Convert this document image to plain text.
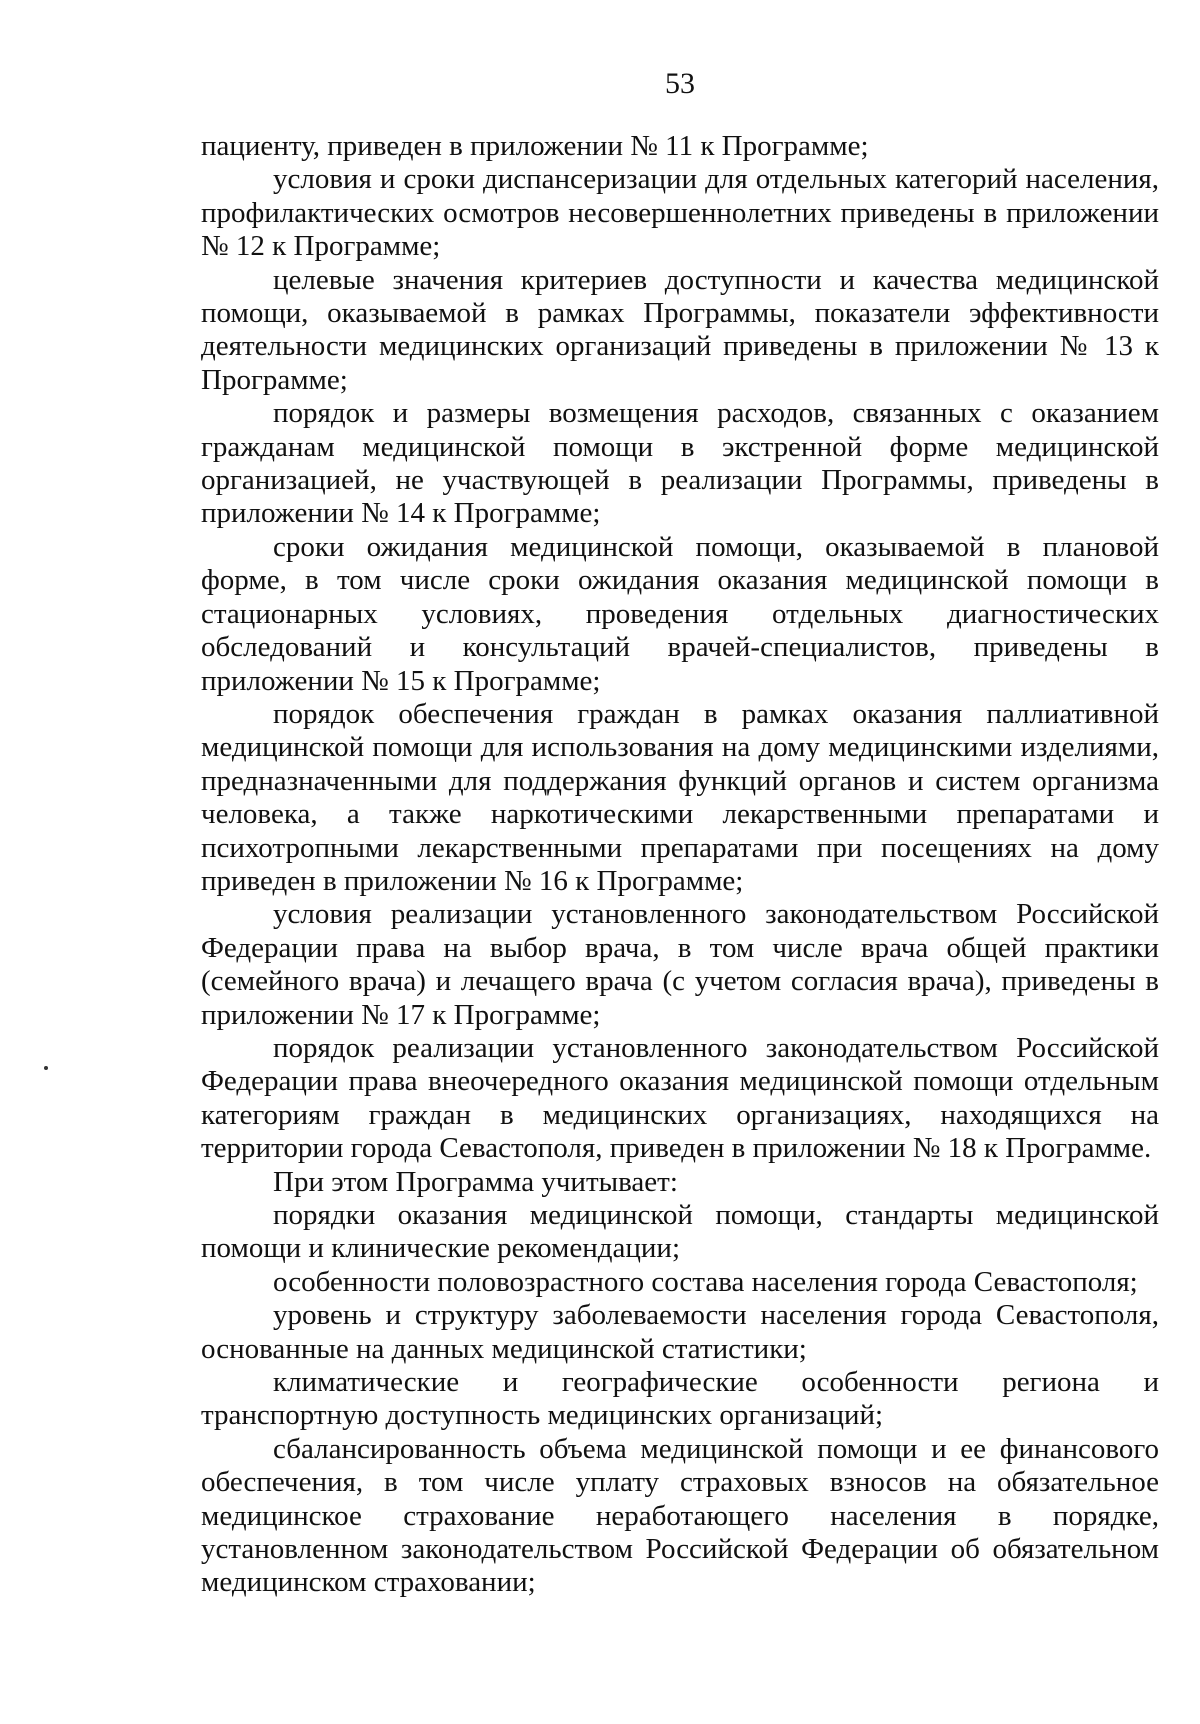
53

пациенту, приведен в приложении № 11 к Программе;

условия и сроки диспансеризации для отдельных категорий населения, профилактических осмотров несовершеннолетних приведены в приложении № 12 к Программе;

целевые значения критериев доступности и качества медицинской помощи, оказываемой в рамках Программы, показатели эффективности деятельности медицинских организаций приведены в приложении № 13 к Программе;

порядок и размеры возмещения расходов, связанных с оказанием гражданам медицинской помощи в экстренной форме медицинской организацией, не участвующей в реализации Программы, приведены в приложении № 14 к Программе;

сроки ожидания медицинской помощи, оказываемой в плановой форме, в том числе сроки ожидания оказания медицинской помощи в стационарных условиях, проведения отдельных диагностических обследований и консультаций врачей-специалистов, приведены в приложении № 15 к Программе;

порядок обеспечения граждан в рамках оказания паллиативной медицинской помощи для использования на дому медицинскими изделиями, предназначенными для поддержания функций органов и систем организма человека, а также наркотическими лекарственными препаратами и психотропными лекарственными препаратами при посещениях на дому приведен в приложении № 16 к Программе;

условия реализации установленного законодательством Российской Федерации права на выбор врача, в том числе врача общей практики (семейного врача) и лечащего врача (с учетом согласия врача), приведены в приложении № 17 к Программе;

порядок реализации установленного законодательством Российской Федерации права внеочередного оказания медицинской помощи отдельным категориям граждан в медицинских организациях, находящихся на территории города Севастополя, приведен в приложении № 18 к Программе.

При этом Программа учитывает:

порядки оказания медицинской помощи, стандарты медицинской помощи и клинические рекомендации;

особенности половозрастного состава населения города Севастополя;

уровень и структуру заболеваемости населения города Севастополя, основанные на данных медицинской статистики;

климатические и географические особенности региона и транспортную доступность медицинских организаций;

сбалансированность объема медицинской помощи и ее финансового обеспечения, в том числе уплату страховых взносов на обязательное медицинское страхование неработающего населения в порядке, установленном законодательством Российской Федерации об обязательном медицинском страховании;
